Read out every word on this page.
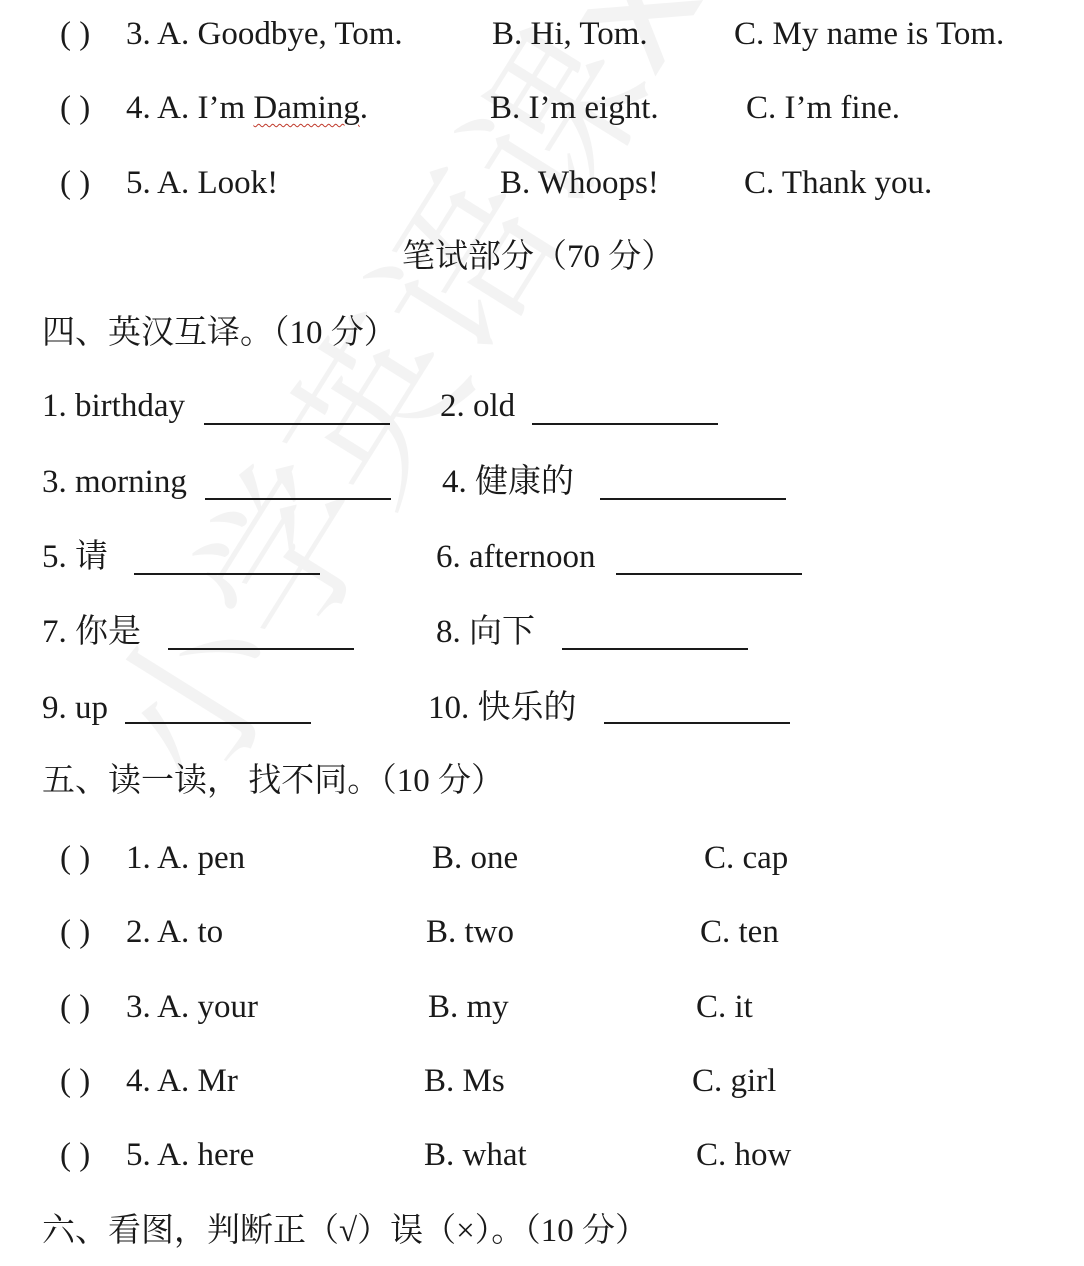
( ) 3. A. Goodbye, Tom.	B. Hi, Tom.	C. My name is Tom.
( ) 4. A. I’m Daming.	B. I’m eight.	C. I’m fine.
( ) 5. A. Look!	B. Whoops!	C. Thank you.
笔试部分（70 分）
四、英汉互译。（10 分）
1. birthday	2. old
3. morning	4. 健康的
5. 请	6. afternoon
7. 你是	8. 向下
9. up	10. 快乐的
五、读一读， 找不同。（10 分）
( ) 1. A. pen	B. one	C. cap
( ) 2. A. to	B. two	C. ten
( ) 3. A. your	B. my	C. it
( ) 4. A. Mr	B. Ms	C. girl
( ) 5. A. here	B. what	C. how
六、看图，判断正（√）误（×）。（10 分）
